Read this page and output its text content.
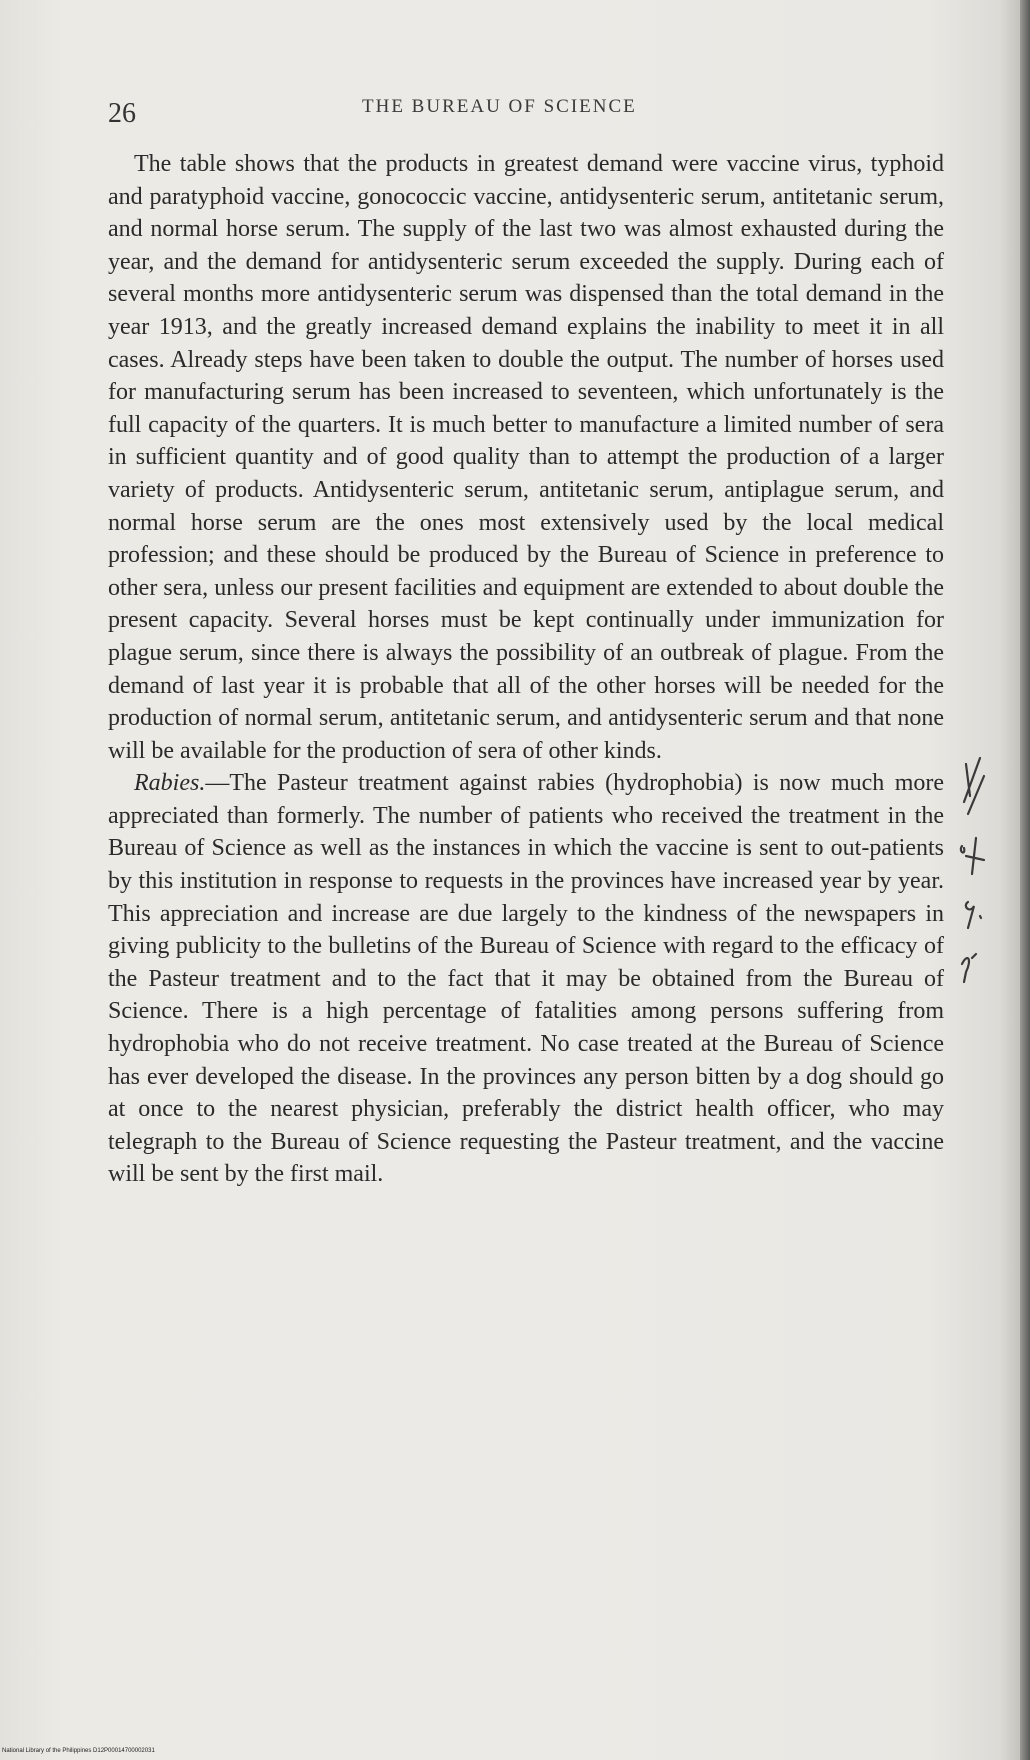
26	THE BUREAU OF SCIENCE

The table shows that the products in greatest demand were vaccine virus, typhoid and paratyphoid vaccine, gonococcic vaccine, antidysenteric serum, antitetanic serum, and normal horse serum. The supply of the last two was almost exhausted during the year, and the demand for antidysenteric serum exceeded the supply. During each of several months more antidysenteric serum was dispensed than the total demand in the year 1913, and the greatly increased demand explains the inability to meet it in all cases. Already steps have been taken to double the output. The number of horses used for manufacturing serum has been increased to seventeen, which unfortunately is the full capacity of the quarters. It is much better to manufacture a limited number of sera in sufficient quantity and of good quality than to attempt the production of a larger variety of products. Antidysenteric serum, antitetanic serum, antiplague serum, and normal horse serum are the ones most extensively used by the local medical profession; and these should be produced by the Bureau of Science in preference to other sera, unless our present facilities and equipment are extended to about double the present capacity. Several horses must be kept continually under immunization for plague serum, since there is always the possibility of an outbreak of plague. From the demand of last year it is probable that all of the other horses will be needed for the production of normal serum, antitetanic serum, and antidysenteric serum and that none will be available for the production of sera of other kinds.

Rabies.—The Pasteur treatment against rabies (hydrophobia) is now much more appreciated than formerly. The number of patients who received the treatment in the Bureau of Science as well as the instances in which the vaccine is sent to out-patients by this institution in response to requests in the provinces have increased year by year. This appreciation and increase are due largely to the kindness of the newspapers in giving publicity to the bulletins of the Bureau of Science with regard to the efficacy of the Pasteur treatment and to the fact that it may be obtained from the Bureau of Science. There is a high percentage of fatalities among persons suffering from hydrophobia who do not receive treatment. No case treated at the Bureau of Science has ever developed the disease. In the provinces any person bitten by a dog should go at once to the nearest physician, preferably the district health officer, who may telegraph to the Bureau of Science requesting the Pasteur treatment, and the vaccine will be sent by the first mail.

National Library of the Philippines D12P00014700002031
